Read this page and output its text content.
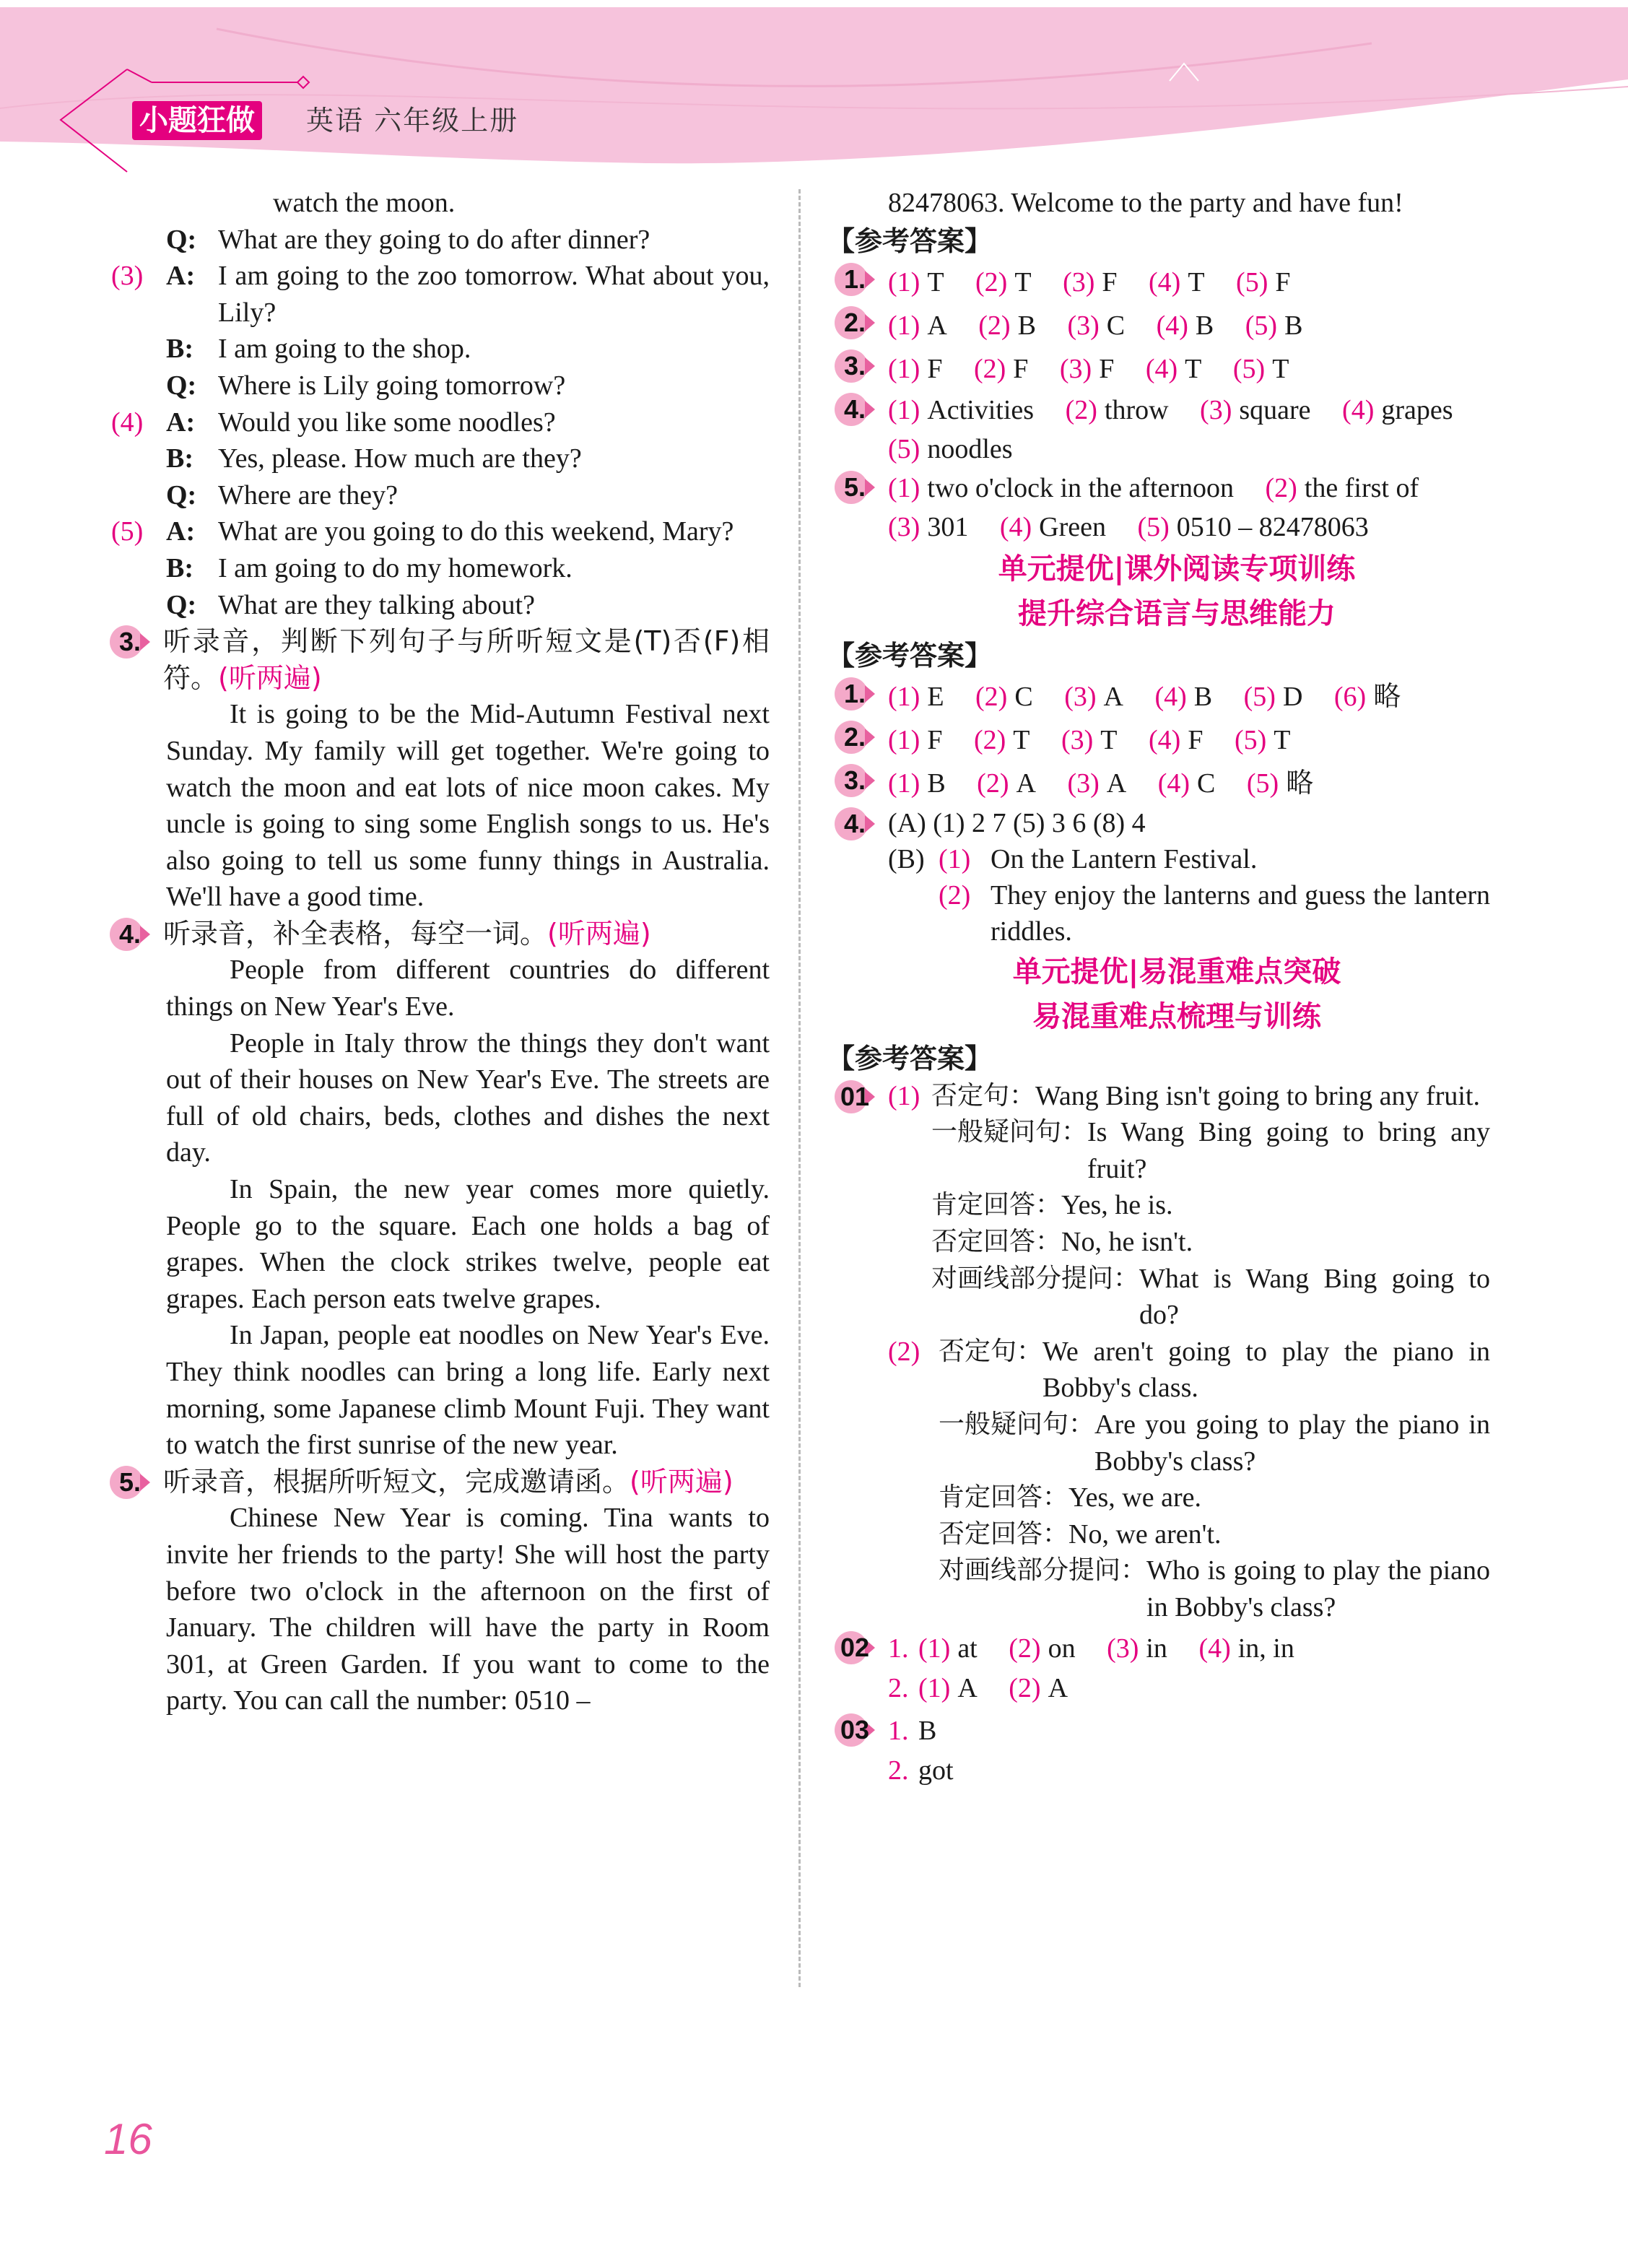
小题狂做 英语 六年级上册
watch the moon.
Q: What are they going to do after dinner?
(3) A: I am going to the zoo tomorrow. What about you, Lily?
B: I am going to the shop.
Q: Where is Lily going tomorrow?
(4) A: Would you like some noodles?
B: Yes, please. How much are they?
Q: Where are they?
(5) A: What are you going to do this weekend, Mary?
B: I am going to do my homework.
Q: What are they talking about?
3. 听录音，判断下列句子与所听短文是(T)否(F)相符。(听两遍)
It is going to be the Mid-Autumn Festival next Sunday. My family will get together. We're going to watch the moon and eat lots of nice moon cakes. My uncle is going to sing some English songs to us. He's also going to tell us some funny things in Australia. We'll have a good time.
4. 听录音，补全表格，每空一词。(听两遍)
People from different countries do different things on New Year's Eve.
People in Italy throw the things they don't want out of their houses on New Year's Eve. The streets are full of old chairs, beds, clothes and dishes the next day.
In Spain, the new year comes more quietly. People go to the square. Each one holds a bag of grapes. When the clock strikes twelve, people eat grapes. Each person eats twelve grapes.
In Japan, people eat noodles on New Year's Eve. They think noodles can bring a long life. Early next morning, some Japanese climb Mount Fuji. They want to watch the first sunrise of the new year.
5. 听录音，根据所听短文，完成邀请函。(听两遍)
Chinese New Year is coming. Tina wants to invite her friends to the party! She will host the party before two o'clock in the afternoon on the first of January. The children will have the party in Room 301, at Green Garden. If you want to come to the party. You can call the number: 0510 –
82478063. Welcome to the party and have fun!
【参考答案】
1. (1) T (2) T (3) F (4) T (5) F
2. (1) A (2) B (3) C (4) B (5) B
3. (1) F (2) F (3) F (4) T (5) T
4. (1) Activities (2) throw (3) square (4) grapes (5) noodles
5. (1) two o'clock in the afternoon (2) the first of (3) 301 (4) Green (5) 0510 – 82478063
单元提优|课外阅读专项训练
提升综合语言与思维能力
【参考答案】
1. (1) E (2) C (3) A (4) B (5) D (6) 略
2. (1) F (2) T (3) T (4) F (5) T
3. (1) B (2) A (3) A (4) C (5) 略
4. (A) (1) 2 7 (5) 3 6 (8) 4
(B) (1) On the Lantern Festival.
(2) They enjoy the lanterns and guess the lantern riddles.
单元提优|易混重难点突破
易混重难点梳理与训练
【参考答案】
01 (1) 否定句： Wang Bing isn't going to bring any fruit.
一般疑问句： Is Wang Bing going to bring any fruit?
肯定回答： Yes, he is.
否定回答： No, he isn't.
对画线部分提问： What is Wang Bing going to do?
(2) 否定句： We aren't going to play the piano in Bobby's class.
一般疑问句： Are you going to play the piano in Bobby's class?
肯定回答： Yes, we are.
否定回答： No, we aren't.
对画线部分提问： Who is going to play the piano in Bobby's class?
02 1. (1) at (2) on (3) in (4) in, in
2. (1) A (2) A
03 1. B
2. got
16
